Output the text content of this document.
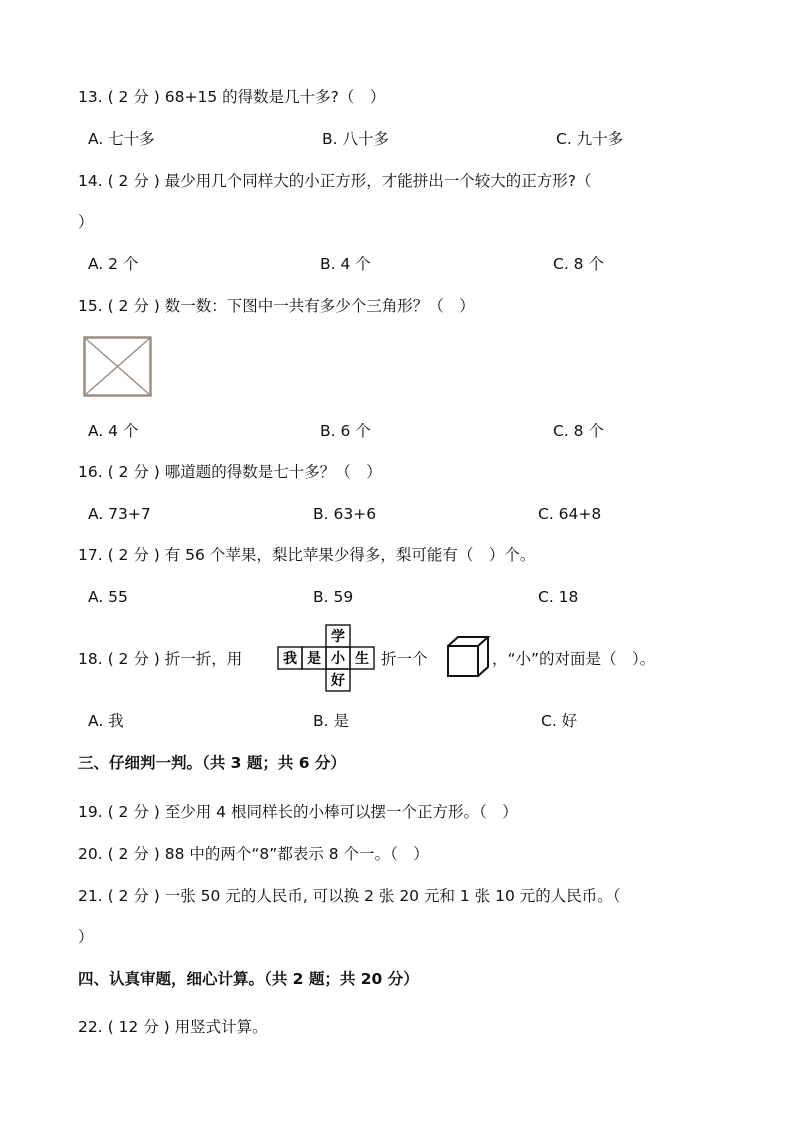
13. ( 2 分 ) 68+15 的得数是几十多?（　）
A. 七十多	B. 八十多	C. 九十多
14. ( 2 分 ) 最少用几个同样大的小正方形，才能拼出一个较大的正方形?（
）
A. 2 个	B. 4 个	C. 8 个
15. ( 2 分 ) 数一数：下图中一共有多少个三角形？（　）
A. 4 个	B. 6 个	C. 8 个
16. ( 2 分 ) 哪道题的得数是七十多？（　）
A. 73+7	B. 63+6	C. 64+8
17. ( 2 分 ) 有 56 个苹果，梨比苹果少得多，梨可能有（　）个。
A. 55	B. 59	C. 18
18. ( 2 分 ) 折一折，用
学
我 是 小 生
好
折一个	，“小”的对面是（　）。
A. 我	B. 是	C. 好
三、仔细判一判。（共 3 题；共 6 分）
19. ( 2 分 ) 至少用 4 根同样长的小棒可以摆一个正方形。（　）
20. ( 2 分 ) 88 中的两个“8”都表示 8 个一。（　）
21. ( 2 分 ) 一张 50 元的人民币, 可以换 2 张 20 元和 1 张 10 元的人民币。（
）
四、认真审题，细心计算。（共 2 题；共 20 分）
22. ( 12 分 ) 用竖式计算。
